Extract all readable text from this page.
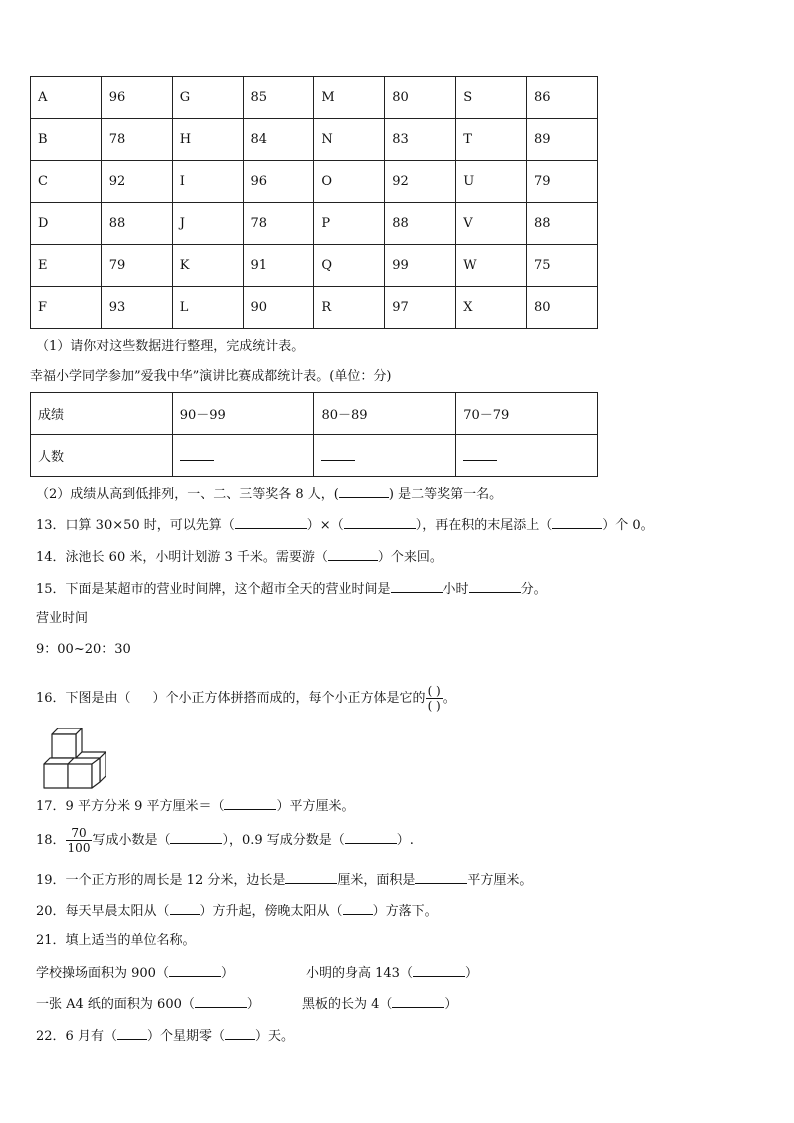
A	96	G	85	M	80	S	86
B	78	H	84	N	83	T	89
C	92	I	96	O	92	U	79
D	88	J	78	P	88	V	88
E	79	K	91	Q	99	W	75
F	93	L	90	R	97	X	80
（1）请你对这些数据进行整理，完成统计表。
幸福小学同学参加”爱我中华”演讲比赛成都统计表。(单位：分)
成绩	90－99	80－89	70－79
人数			
（2）成绩从高到低排列，一、二、三等奖各 8 人，(	) 是二等奖第一名。
13．口算 30×50 时，可以先算（	）×（	），再在积的末尾添上（	）个 0。
14．泳池长 60 米，小明计划游 3 千米。需要游（	）个来回。
15．下面是某超市的营业时间牌，这个超市全天的营业时间是	小时	分。
营业时间
9：00~20：30
16．下图是由（ ）个小正方体拼搭而成的，每个小正方体是它的 $\frac{( )}{( )}$ 。
17．9 平方分米 9 平方厘米＝（	）平方厘米。
18． $\frac{70}{100}$ 写成小数是（	），0.9 写成分数是（	）.
19．一个正方形的周长是 12 分米，边长是	厘米，面积是	平方厘米。
20．每天早晨太阳从（ ）方升起，傍晚太阳从（ ）方落下。
21．填上适当的单位名称。
学校操场面积为 900（	）	小明的身高 143（	）
一张 A4 纸的面积为 600（	）	黑板的长为 4（	）
22．6 月有（ ）个星期零（ ）天。
